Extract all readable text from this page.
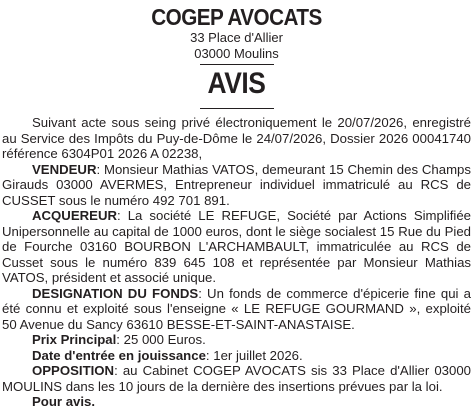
COGEP AVOCATS
33 Place d'Allier
03000 Moulins
AVIS

Suivant acte sous seing privé électroniquement le 20/07/2026, enregistré au Service des Impôts du Puy-de-Dôme le 24/07/2026, Dossier 2026 00041740 référence 6304P01 2026 A 02238,

VENDEUR: Monsieur Mathias VATOS, demeurant 15 Chemin des Champs Girauds 03000 AVERMES, Entrepreneur individuel immatriculé au RCS de CUSSET sous le numéro 492 701 891.

ACQUEREUR: La société LE REFUGE, Société par Actions Simplifiée Unipersonnelle au capital de 1000 euros, dont le siège socialest 15 Rue du Pied de Fourche 03160 BOURBON L'ARCHAMBAULT, immatriculée au RCS de Cusset sous le numéro 839 645 108 et représentée par Monsieur Mathias VATOS, président et associé unique.

DESIGNATION DU FONDS: Un fonds de commerce d'épicerie fine qui a été connu et exploité sous l'enseigne « LE REFUGE GOURMAND », exploité 50 Avenue du Sancy 63610 BESSE-ET-SAINT-ANASTAISE.

Prix Principal: 25 000 Euros.

Date d'entrée en jouissance: 1er juillet 2026.

OPPOSITION: au Cabinet COGEP AVOCATS sis 33 Place d'Allier 03000 MOULINS dans les 10 jours de la dernière des insertions prévues par la loi.

Pour avis.
